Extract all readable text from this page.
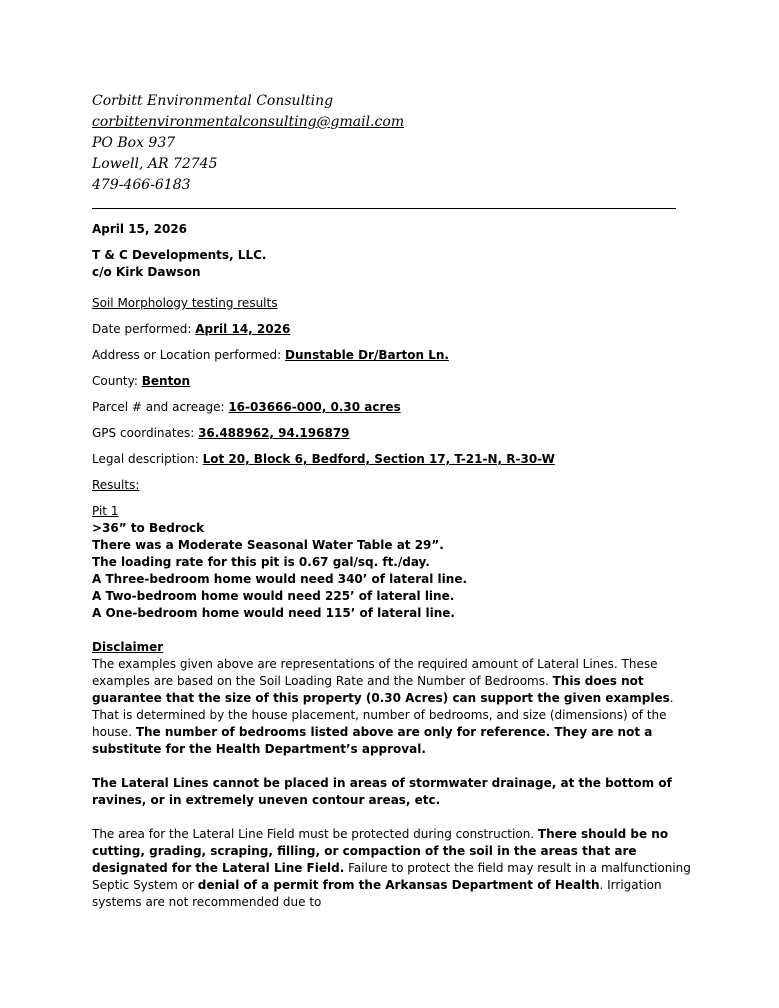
Corbitt Environmental Consulting
corbittenvironmentalconsulting@gmail.com
PO Box 937
Lowell, AR 72745
479-466-6183
April 15, 2026
T & C Developments, LLC.
c/o Kirk Dawson
Soil Morphology testing results
Date performed: April 14, 2026
Address or Location performed: Dunstable Dr/Barton Ln.
County: Benton
Parcel # and acreage: 16-03666-000, 0.30 acres
GPS coordinates: 36.488962, 94.196879
Legal description: Lot 20, Block 6, Bedford, Section 17, T-21-N, R-30-W
Results:
Pit 1
>36” to Bedrock
There was a Moderate Seasonal Water Table at 29”.
The loading rate for this pit is 0.67 gal/sq. ft./day.
A Three-bedroom home would need 340’ of lateral line.
A Two-bedroom home would need 225’ of lateral line.
A One-bedroom home would need 115’ of lateral line.
Disclaimer

The examples given above are representations of the required amount of Lateral Lines. These examples are based on the Soil Loading Rate and the Number of Bedrooms. This does not guarantee that the size of this property (0.30 Acres) can support the given examples. That is determined by the house placement, number of bedrooms, and size (dimensions) of the house. The number of bedrooms listed above are only for reference. They are not a substitute for the Health Department’s approval.

The Lateral Lines cannot be placed in areas of stormwater drainage, at the bottom of ravines, or in extremely uneven contour areas, etc.

The area for the Lateral Line Field must be protected during construction. There should be no cutting, grading, scraping, filling, or compaction of the soil in the areas that are designated for the Lateral Line Field. Failure to protect the field may result in a malfunctioning Septic System or denial of a permit from the Arkansas Department of Health. Irrigation systems are not recommended due to
